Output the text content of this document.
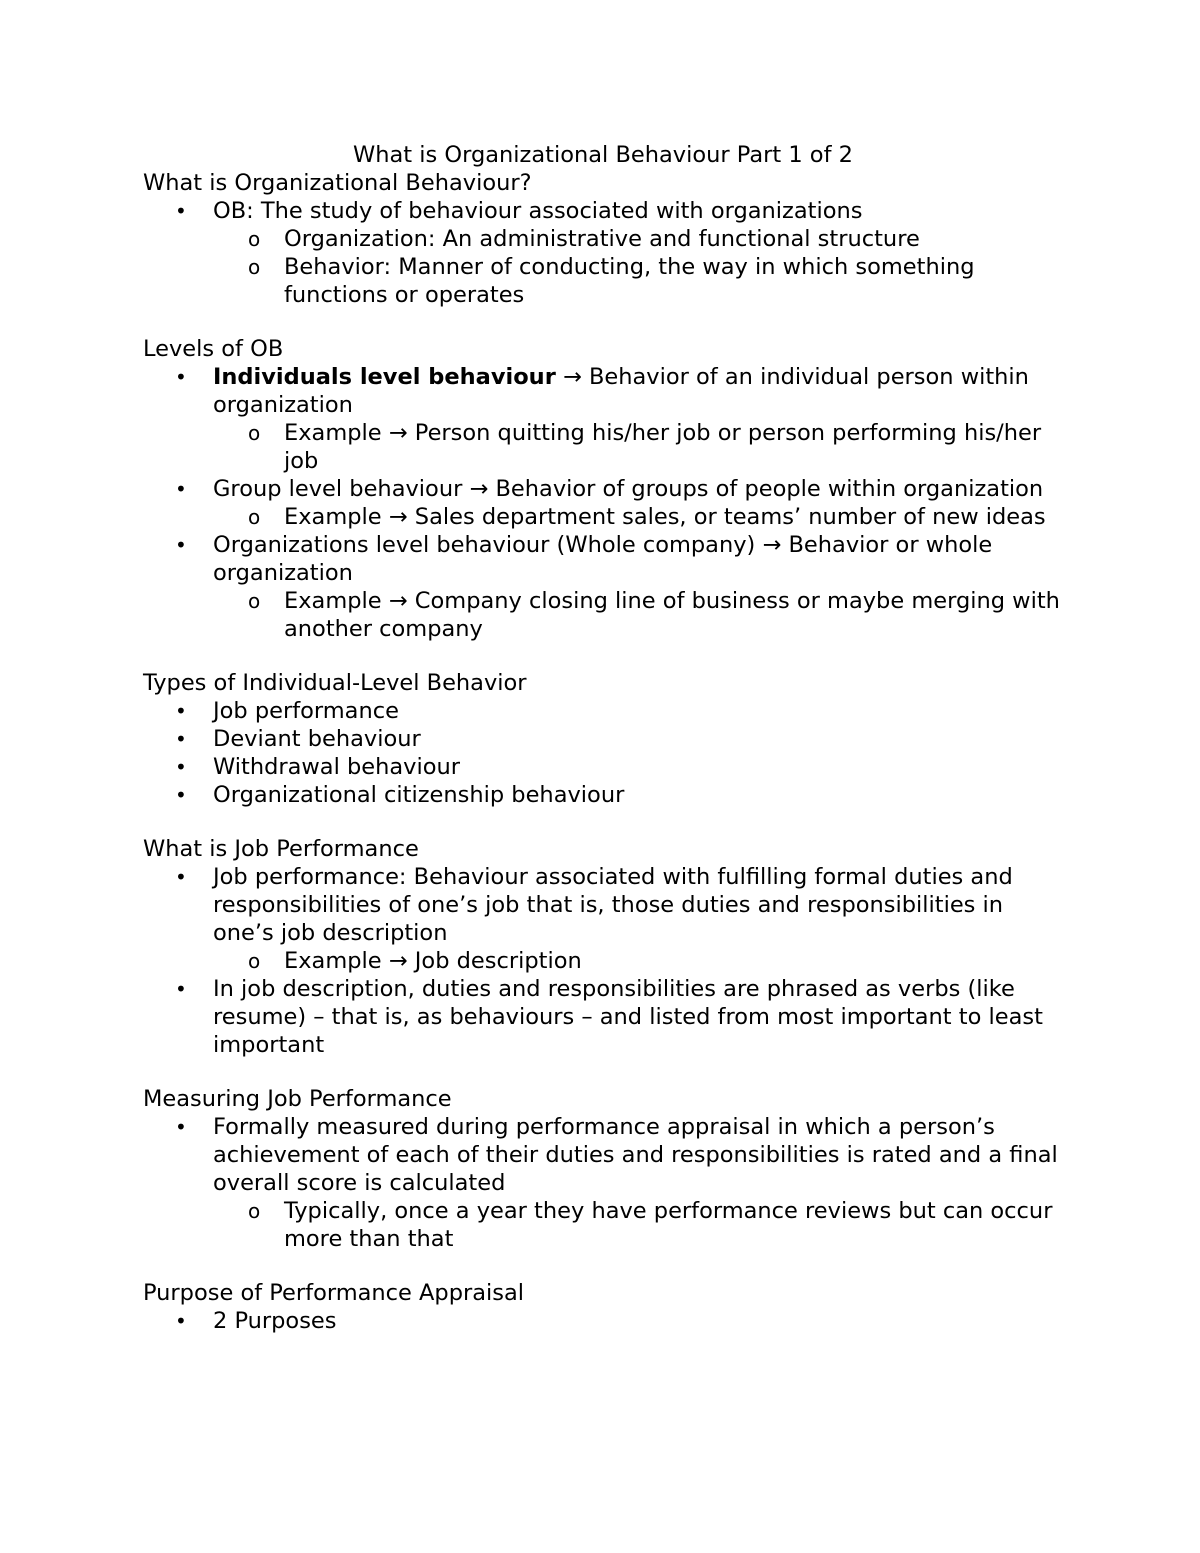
What is Organizational Behaviour Part 1 of 2

What is Organizational Behaviour?

• OB: The study of behaviour associated with organizations
o Organization: An administrative and functional structure
o Behavior: Manner of conducting, the way in which something functions or operates

Levels of OB

• Individuals level behaviour → Behavior of an individual person within organization
o Example → Person quitting his/her job or person performing his/her job
• Group level behaviour → Behavior of groups of people within organization
o Example → Sales department sales, or teams’ number of new ideas
• Organizations level behaviour (Whole company) → Behavior or whole organization
o Example → Company closing line of business or maybe merging with another company

Types of Individual-Level Behavior

• Job performance
• Deviant behaviour
• Withdrawal behaviour
• Organizational citizenship behaviour

What is Job Performance

• Job performance: Behaviour associated with fulfilling formal duties and responsibilities of one’s job that is, those duties and responsibilities in one’s job description
o Example → Job description
• In job description, duties and responsibilities are phrased as verbs (like resume) – that is, as behaviours – and listed from most important to least important

Measuring Job Performance

• Formally measured during performance appraisal in which a person’s achievement of each of their duties and responsibilities is rated and a final overall score is calculated
o Typically, once a year they have performance reviews but can occur more than that

Purpose of Performance Appraisal

• 2 Purposes
